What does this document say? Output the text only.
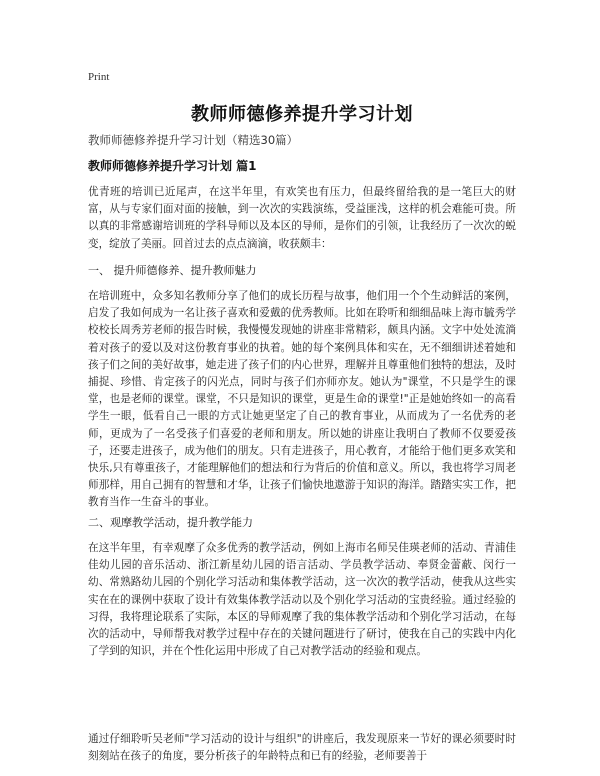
Print
教师师德修养提升学习计划
教师师德修养提升学习计划（精选30篇）
教师师德修养提升学习计划 篇1

优青班的培训已近尾声，在这半年里，有欢笑也有压力，但最终留给我的是一笔巨大的财富，从与专家们面对面的接触，到一次次的实践演练，受益匪浅，这样的机会难能可贵。所以真的非常感谢培训班的学科导师以及本区的导师，是你们的引领，让我经历了一次次的蜕变，绽放了美丽。回首过去的点点滴滴，收获颇丰：

一、 提升师德修养、提升教师魅力

在培训班中，众多知名教师分享了他们的成长历程与故事，他们用一个个生动鲜活的案例，启发了我如何成为一名让孩子喜欢和爱戴的优秀教师。比如在聆听和细细品味上海市毓秀学校校长周秀芳老师的报告时候，我慢慢发现她的讲座非常精彩，颇具内涵。文字中处处流淌着对孩子的爱以及对这份教育事业的执着。她的每个案例具体和实在，无不细细讲述着她和孩子们之间的美好故事，她走进了孩子们的内心世界，理解并且尊重他们独特的想法，及时捕捉、珍惜、肯定孩子的闪光点，同时与孩子们亦师亦友。她认为"课堂，不只是学生的课堂，也是老师的课堂。课堂，不只是知识的课堂，更是生命的课堂!"正是她始终如一的高看学生一眼，低看自己一眼的方式让她更坚定了自己的教育事业，从而成为了一名优秀的老师，更成为了一名受孩子们喜爱的老师和朋友。所以她的讲座让我明白了教师不仅要爱孩子，还要走进孩子，成为他们的朋友。只有走进孩子，用心教育，才能给于他们更多欢笑和快乐,只有尊重孩子，才能理解他们的想法和行为背后的价值和意义。所以，我也将学习周老师那样，用自己拥有的智慧和才华，让孩子们愉快地遨游于知识的海洋。踏踏实实工作，把教育当作一生奋斗的事业。

二、观摩教学活动，提升教学能力

在这半年里，有幸观摩了众多优秀的教学活动，例如上海市名师吴佳瑛老师的活动、青浦佳佳幼儿园的音乐活动、浙江新星幼儿园的语言活动、学员教学活动、奉贤金蕾蔽、闵行一幼、常熟路幼儿园的个别化学习活动和集体教学活动，这一次次的教学活动，使我从这些实实在在的课例中获取了设计有效集体教学活动以及个别化学习活动的宝贵经验。通过经验的习得，我将理论联系了实际，本区的导师观摩了我的集体教学活动和个别化学习活动，在每次的活动中，导师帮我对教学过程中存在的关键问题进行了研讨，使我在自己的实践中内化了学到的知识，并在个性化运用中形成了自己对教学活动的经验和观点。

通过仔细聆听吴老师"学习活动的设计与组织"的讲座后，我发现原来一节好的课必须要时时刻刻站在孩子的角度，要分析孩子的年龄特点和已有的经验，老师要善于
